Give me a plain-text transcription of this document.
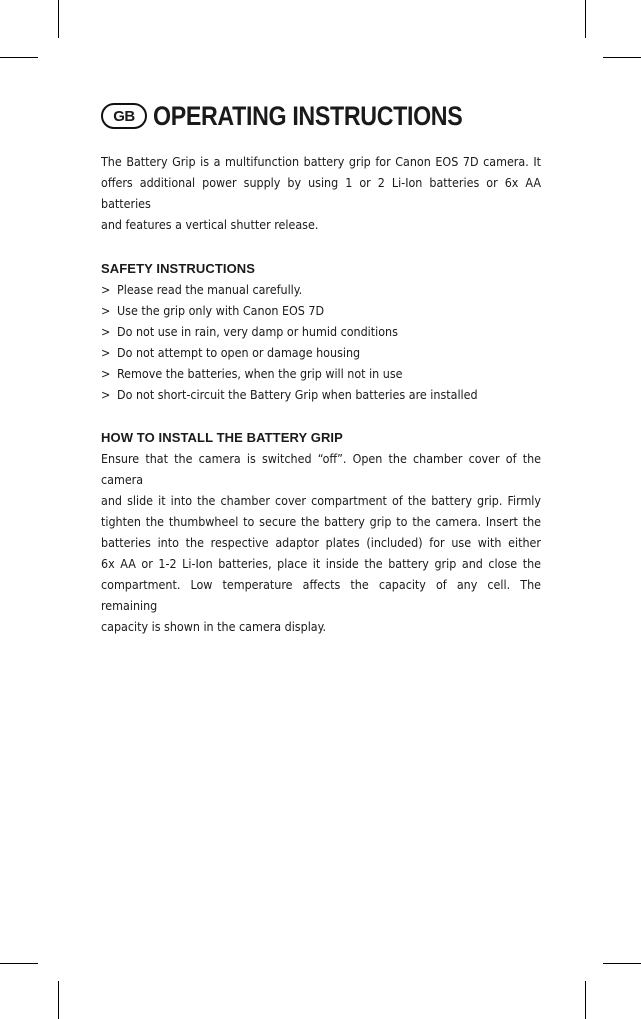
GB OPERATING INSTRUCTIONS

The Battery Grip is a multifunction battery grip for Canon EOS 7D camera. It
offers additional power supply by using 1 or 2 Li-Ion batteries or 6x AA batteries
and features a vertical shutter release.

SAFETY INSTRUCTIONS
> Please read the manual carefully.
> Use the grip only with Canon EOS 7D
> Do not use in rain, very damp or humid conditions
> Do not attempt to open or damage housing
> Remove the batteries, when the grip will not in use
> Do not short-circuit the Battery Grip when batteries are installed
HOW TO INSTALL THE BATTERY GRIP

Ensure that the camera is switched “off”. Open the chamber cover of the camera
and slide it into the chamber cover compartment of the battery grip. Firmly
tighten the thumbwheel to secure the battery grip to the camera. Insert the
batteries into the respective adaptor plates (included) for use with either
6x AA or 1-2 Li-Ion batteries, place it inside the battery grip and close the
compartment. Low temperature affects the capacity of any cell. The remaining
capacity is shown in the camera display.
